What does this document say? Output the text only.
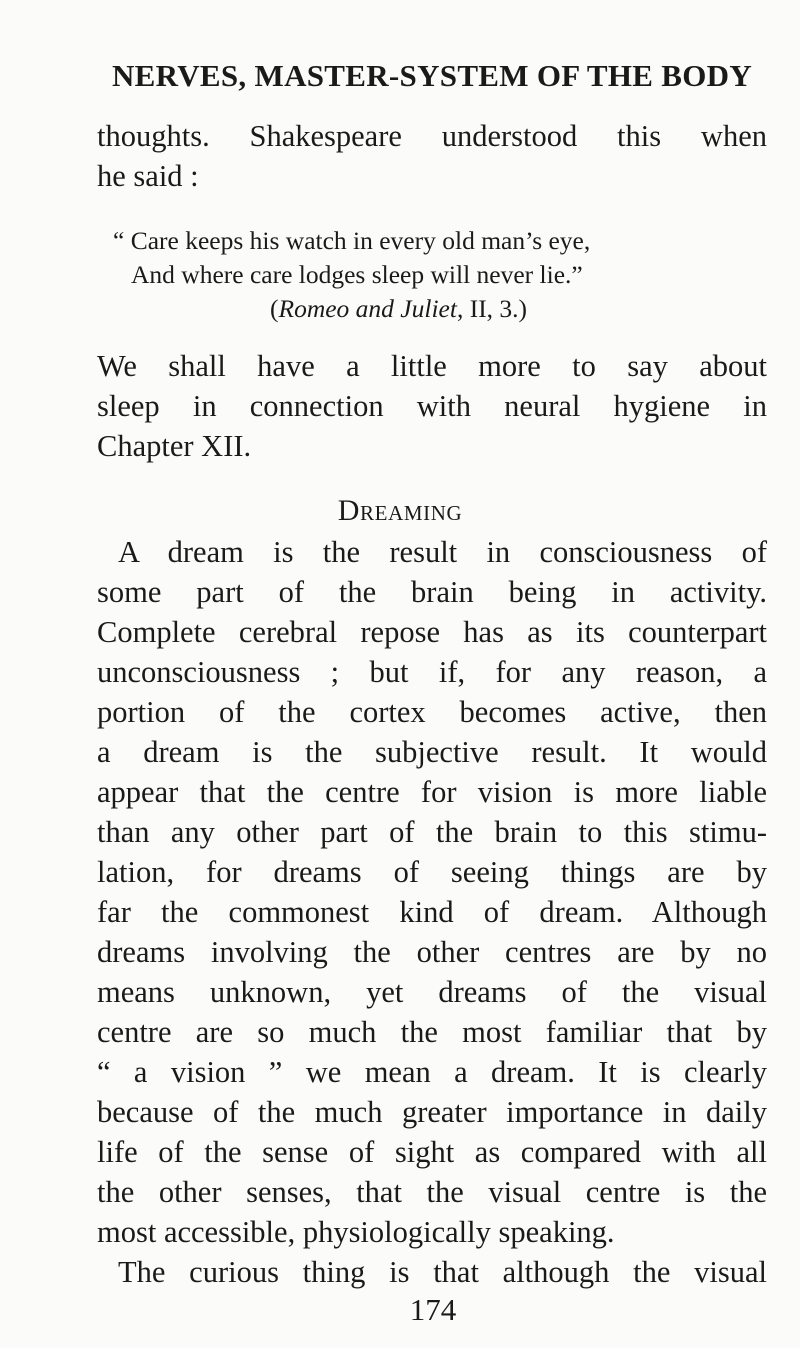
NERVES, MASTER-SYSTEM OF THE BODY
thoughts. Shakespeare understood this when
he said :
“ Care keeps his watch in every old man’s eye,
And where care lodges sleep will never lie.”
(Romeo and Juliet, II, 3.)
We shall have a little more to say about
sleep in connection with neural hygiene in
Chapter XII.
Dreaming
A dream is the result in consciousness of
some part of the brain being in activity.
Complete cerebral repose has as its counterpart
unconsciousness ; but if, for any reason, a
portion of the cortex becomes active, then
a dream is the subjective result. It would
appear that the centre for vision is more liable
than any other part of the brain to this stimu-
lation, for dreams of seeing things are by
far the commonest kind of dream. Although
dreams involving the other centres are by no
means unknown, yet dreams of the visual
centre are so much the most familiar that by
“ a vision ” we mean a dream. It is clearly
because of the much greater importance in daily
life of the sense of sight as compared with all
the other senses, that the visual centre is the
most accessible, physiologically speaking.
The curious thing is that although the visual
174
